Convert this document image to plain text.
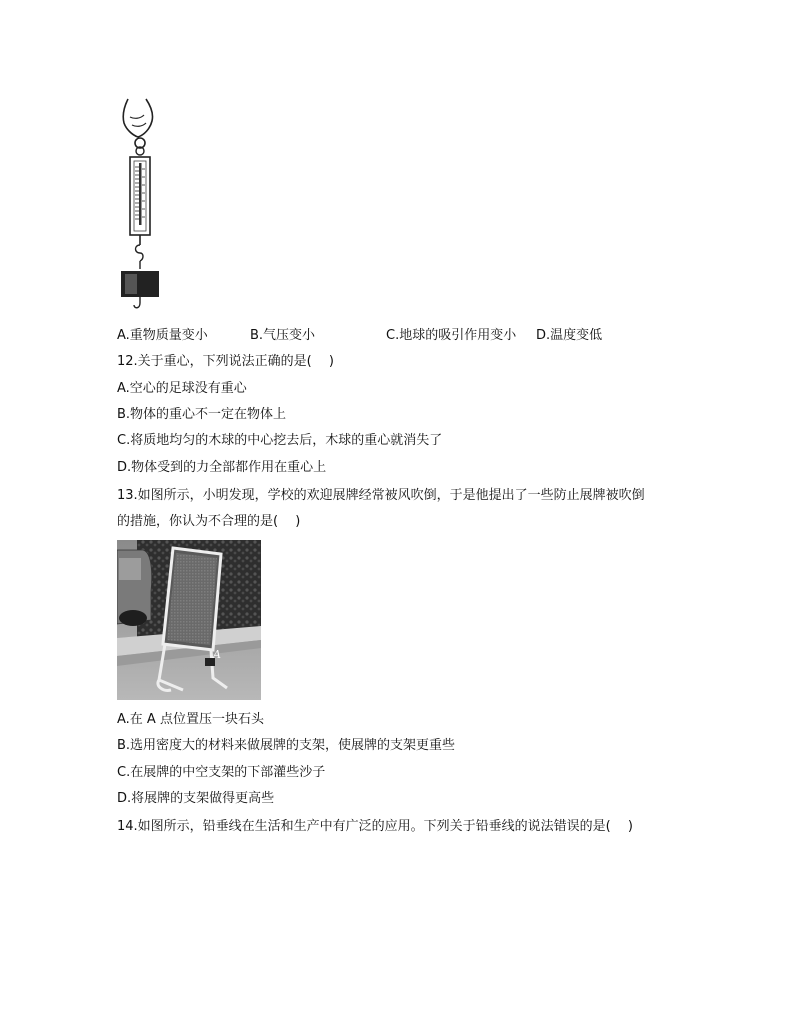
A.重物质量变小	B.气压变小	C.地球的吸引作用变小 D.温度变低
12.关于重心，下列说法正确的是(　 )
A.空心的足球没有重心
B.物体的重心不一定在物体上
C.将质地均匀的木球的中心挖去后，木球的重心就消失了
D.物体受到的力全部都作用在重心上
13.如图所示，小明发现，学校的欢迎展牌经常被风吹倒，于是他提出了一些防止展牌被吹倒
的措施，你认为不合理的是(　 )
A
A.在 A 点位置压一块石头
B.选用密度大的材料来做展牌的支架，使展牌的支架更重些
C.在展牌的中空支架的下部灌些沙子
D.将展牌的支架做得更高些
14.如图所示，铅垂线在生活和生产中有广泛的应用。下列关于铅垂线的说法错误的是(　 )
